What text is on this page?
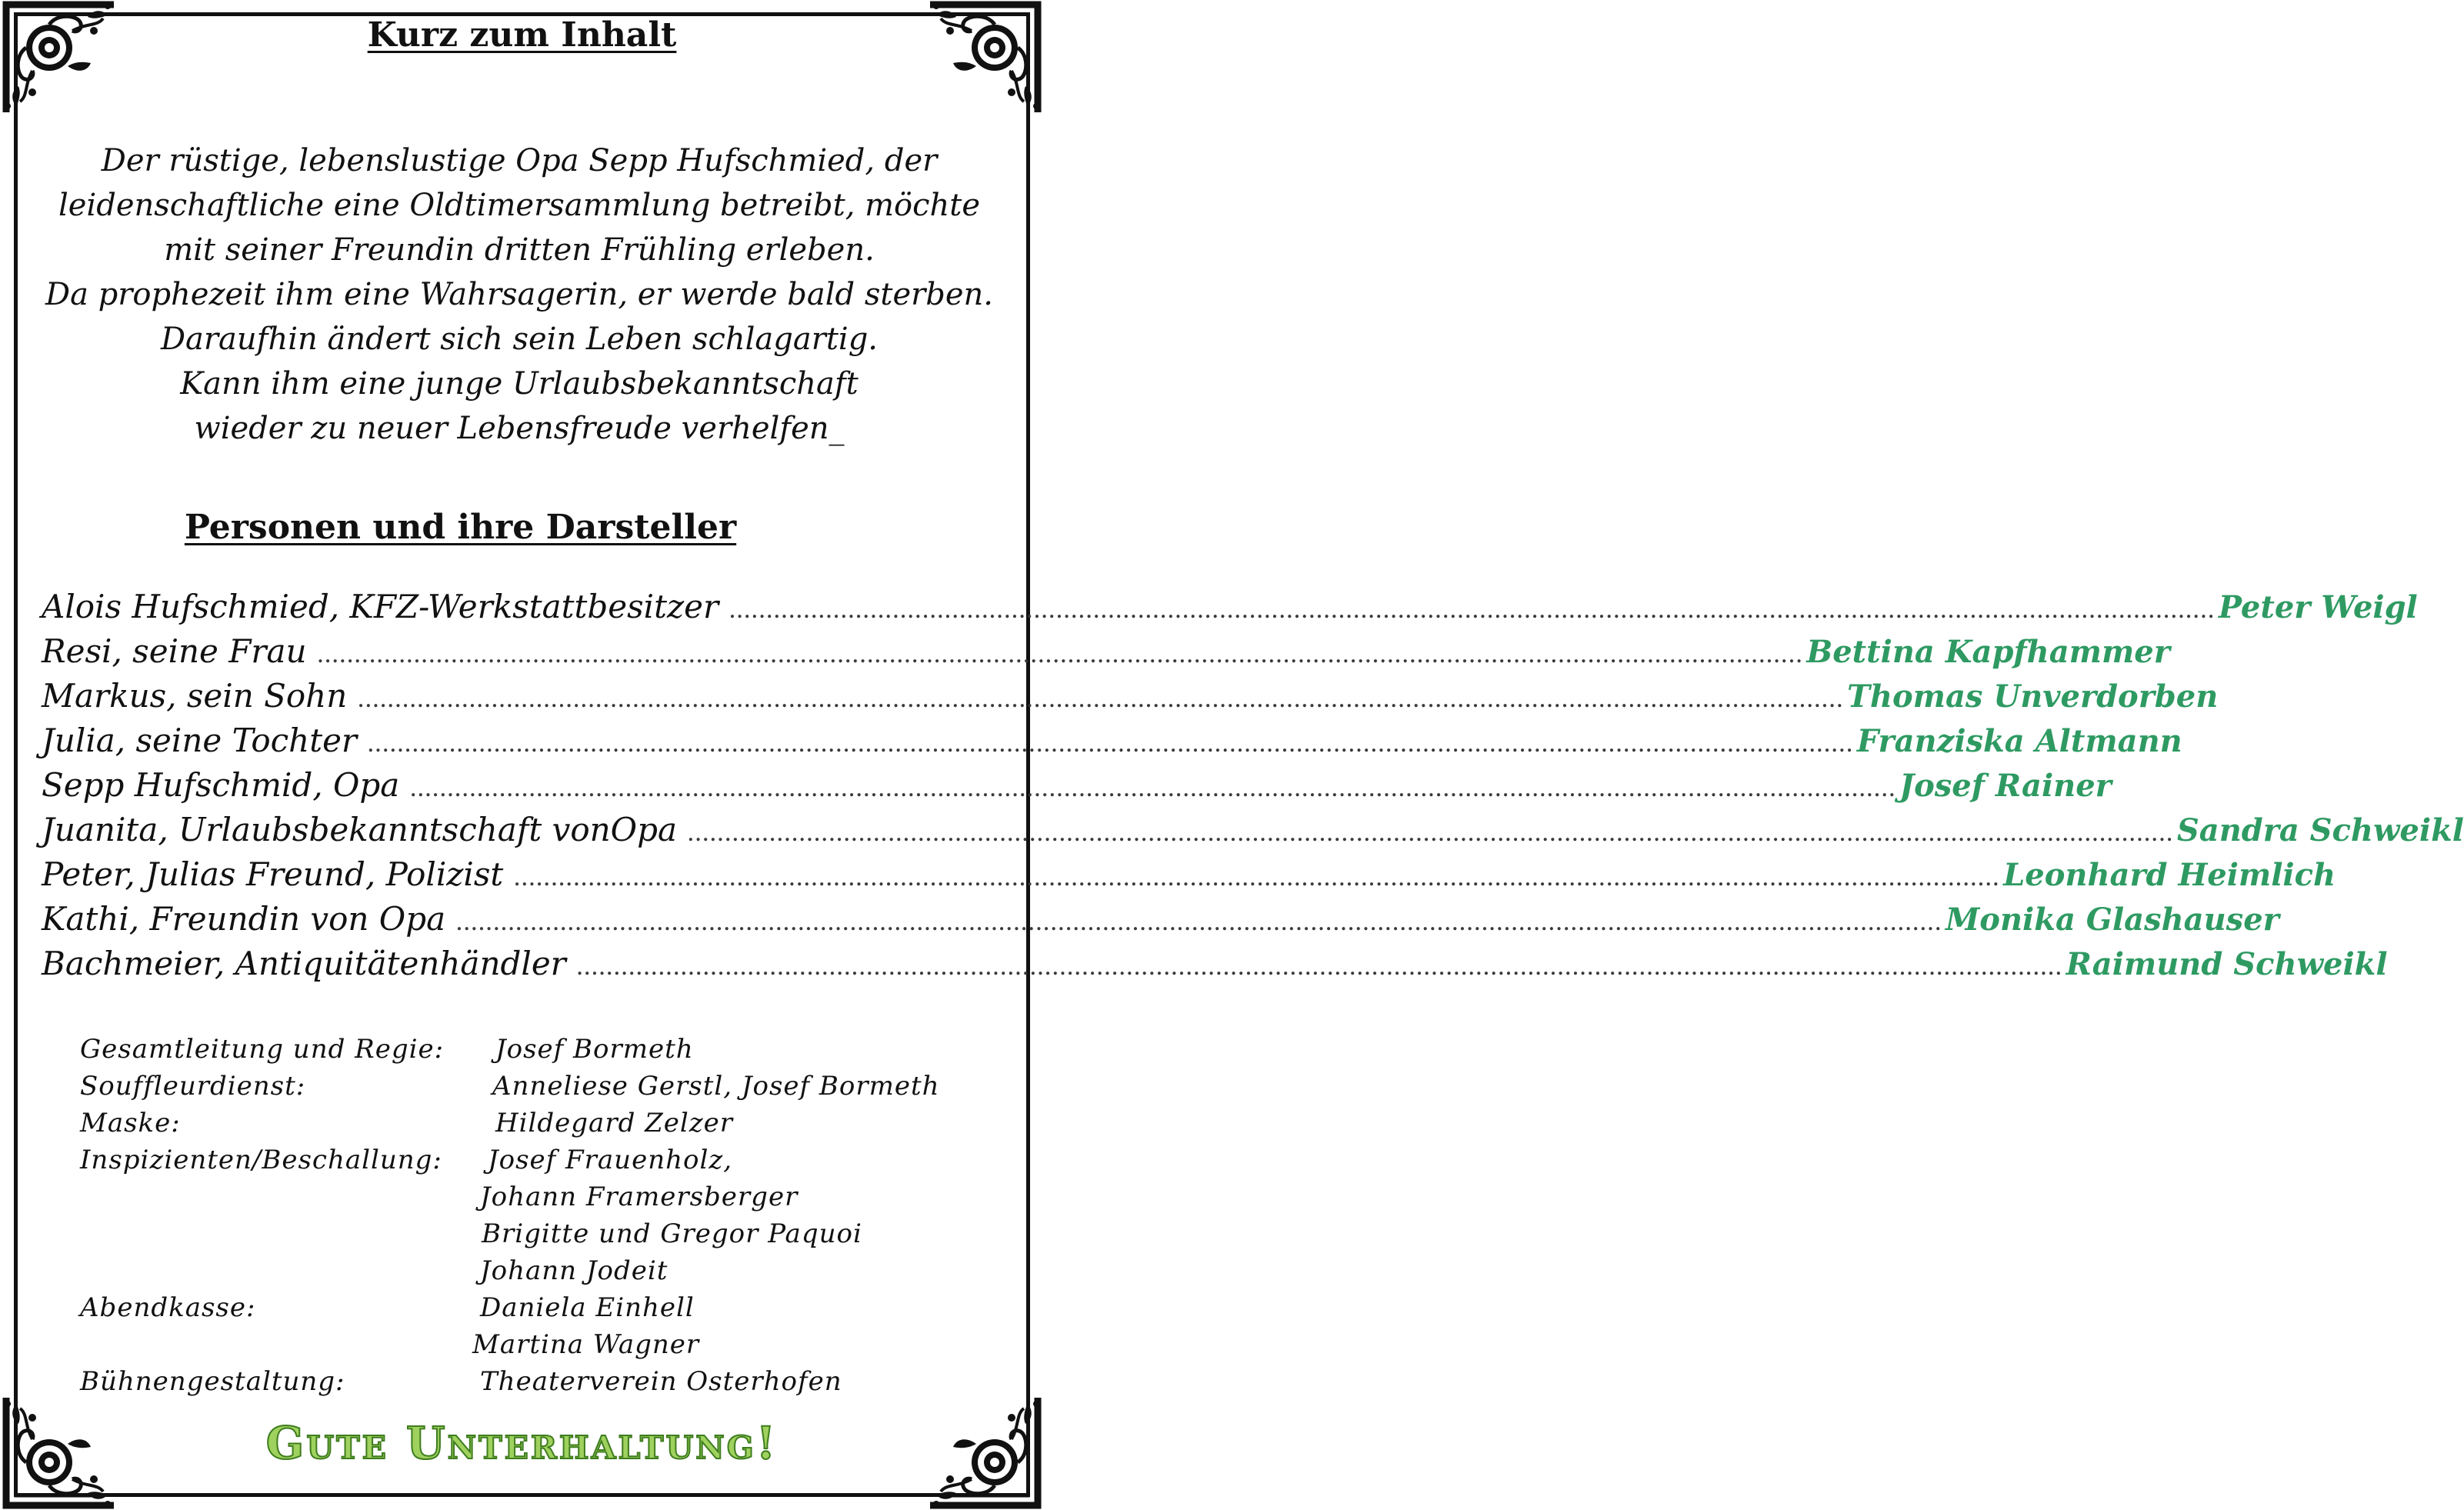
Kurz zum Inhalt

Der rüstige, lebenslustige Opa Sepp Hufschmied, der

leidenschaftliche eine Oldtimersammlung betreibt, möchte

mit seiner Freundin dritten Frühling erleben.

Da prophezeit ihm eine Wahrsagerin, er werde bald sterben.

Daraufhin ändert sich sein Leben schlagartig.

Kann ihm eine junge Urlaubsbekanntschaft

wieder zu neuer Lebensfreude verhelfen_

Personen und ihre Darsteller
Alois Hufschmied, KFZ-Werkstattbesitzer ........................................................................................................................................................................................................ Peter Weigl
Resi, seine Frau ........................................................................................................................................................................................................ Bettina Kapfhammer
Markus, sein Sohn ........................................................................................................................................................................................................ Thomas Unverdorben
Julia, seine Tochter ........................................................................................................................................................................................................ Franziska Altmann
Sepp Hufschmid, Opa ........................................................................................................................................................................................................ Josef Rainer
Juanita, Urlaubsbekanntschaft vonOpa ........................................................................................................................................................................................................ Sandra Schweikl
Peter, Julias Freund, Polizist ........................................................................................................................................................................................................ Leonhard Heimlich
Kathi, Freundin von Opa ........................................................................................................................................................................................................ Monika Glashauser
Bachmeier, Antiquitätenhändler ........................................................................................................................................................................................................ Raimund Schweikl
Gesamtleitung und Regie: Josef Bormeth
Souffleurdienst:	Anneliese Gerstl, Josef Bormeth
Maske:	Hildegard Zelzer
Inspizienten/Beschallung: Josef Frauenholz,
Johann Framersberger
Brigitte und Gregor Paquoi
Johann Jodeit
Abendkasse:	Daniela Einhell
Martina Wagner
Bühnengestaltung:	Theaterverein Osterhofen

Gute Unterhaltung!
